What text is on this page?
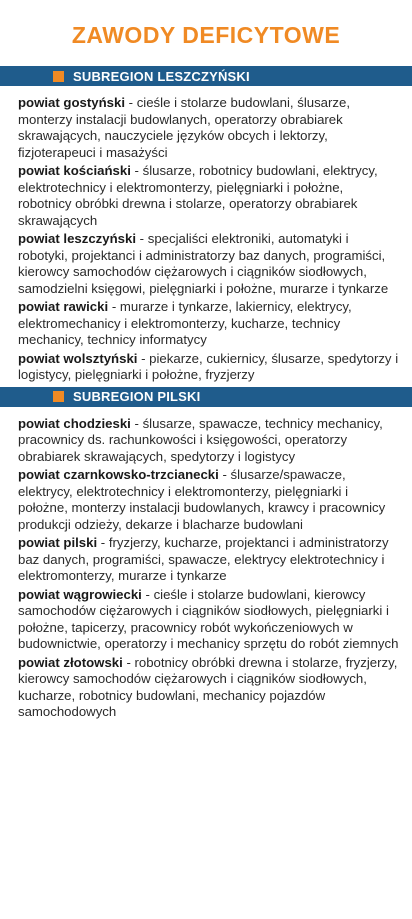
ZAWODY DEFICYTOWE
SUBREGION LESZCZYŃSKI
powiat gostyński - cieśle i stolarze budowlani, ślusarze, monterzy instalacji budowlanych, operatorzy obrabiarek skrawających, nauczyciele języków obcych i lektorzy, fizjoterapeuci i masażyści
powiat kościański - ślusarze, robotnicy budowlani, elektrycy, elektrotechnicy i elektromonterzy, pielęgniarki i położne, robotnicy obróbki drewna i stolarze, operatorzy obrabiarek skrawających
powiat leszczyński - specjaliści elektroniki, automatyki i robotyki, projektanci i administratorzy baz danych, programiści, kierowcy samochodów ciężarowych i ciągników siodłowych, samodzielni księgowi, pielęgniarki i położne, murarze i tynkarze
powiat rawicki - murarze i tynkarze, lakiernicy, elektrycy, elektromechanicy i elektromonterzy, kucharze, technicy mechanicy, technicy informatycy
powiat wolsztyński - piekarze, cukiernicy, ślusarze, spedytorzy i logistycy, pielęgniarki i położne, fryzjerzy
SUBREGION PILSKI
powiat chodzieski - ślusarze, spawacze, technicy mechanicy, pracownicy ds. rachunkowości i księgowości, operatorzy obrabiarek skrawających, spedytorzy i logistycy
powiat czarnkowsko-trzcianecki - ślusarze/spawacze, elektrycy, elektrotechnicy i elektromonterzy, pielęgniarki i położne, monterzy instalacji budowlanych, krawcy i pracownicy produkcji odzieży, dekarze i blacharze budowlani
powiat pilski - fryzjerzy, kucharze, projektanci i administratorzy baz danych, programiści, spawacze, elektrycy elektrotechnicy i elektromonterzy, murarze i tynkarze
powiat wągrowiecki - cieśle i stolarze budowlani, kierowcy samochodów ciężarowych i ciągników siodłowych, pielęgniarki i położne, tapicerzy, pracownicy robót wykończeniowych w budownictwie, operatorzy i mechanicy sprzętu do robót ziemnych
powiat złotowski - robotnicy obróbki drewna i stolarze, fryzjerzy, kierowcy samochodów ciężarowych i ciągników siodłowych, kucharze, robotnicy budowlani, mechanicy pojazdów samochodowych
